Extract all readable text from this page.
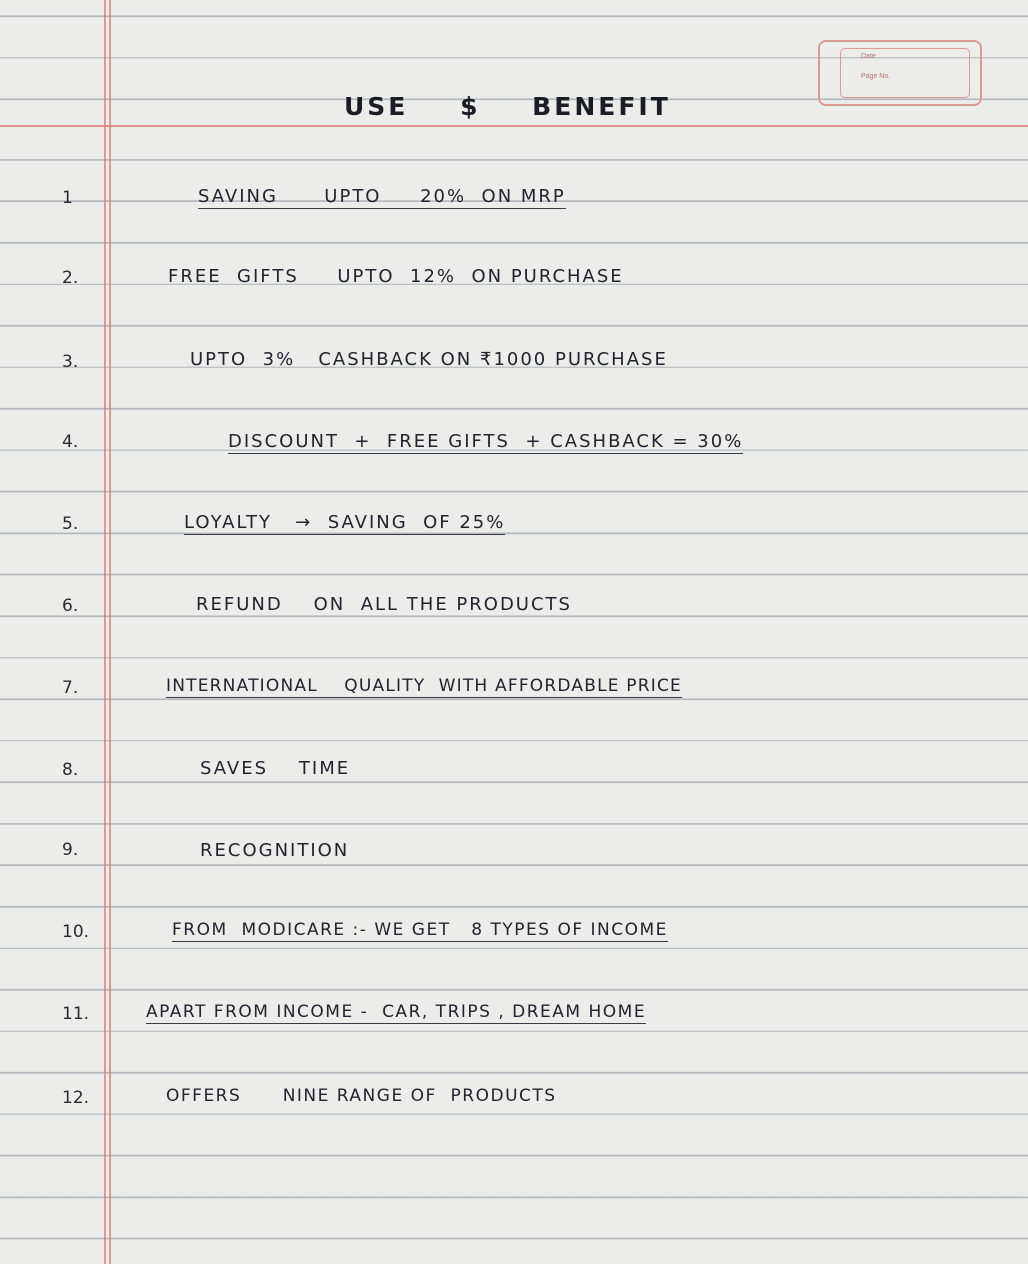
Date
Page No.
USE $ BENEFIT
1	SAVING      UPTO     20%  ON MRP
2.	FREE  GIFTS     UPTO  12%  ON PURCHASE
3.	UPTO  3%   CASHBACK ON ₹1000 PURCHASE
4.	DISCOUNT  +  FREE GIFTS  + CASHBACK = 30%
5.	LOYALTY   →  SAVING  OF 25%
6.	REFUND    ON  ALL THE PRODUCTS
7.	INTERNATIONAL    QUALITY  WITH AFFORDABLE PRICE
8.	SAVES    TIME
9.	RECOGNITION
10.	FROM  MODICARE :- WE GET   8 TYPES OF INCOME
11.	APART FROM INCOME -  CAR, TRIPS , DREAM HOME
12.	OFFERS      NINE RANGE OF  PRODUCTS
